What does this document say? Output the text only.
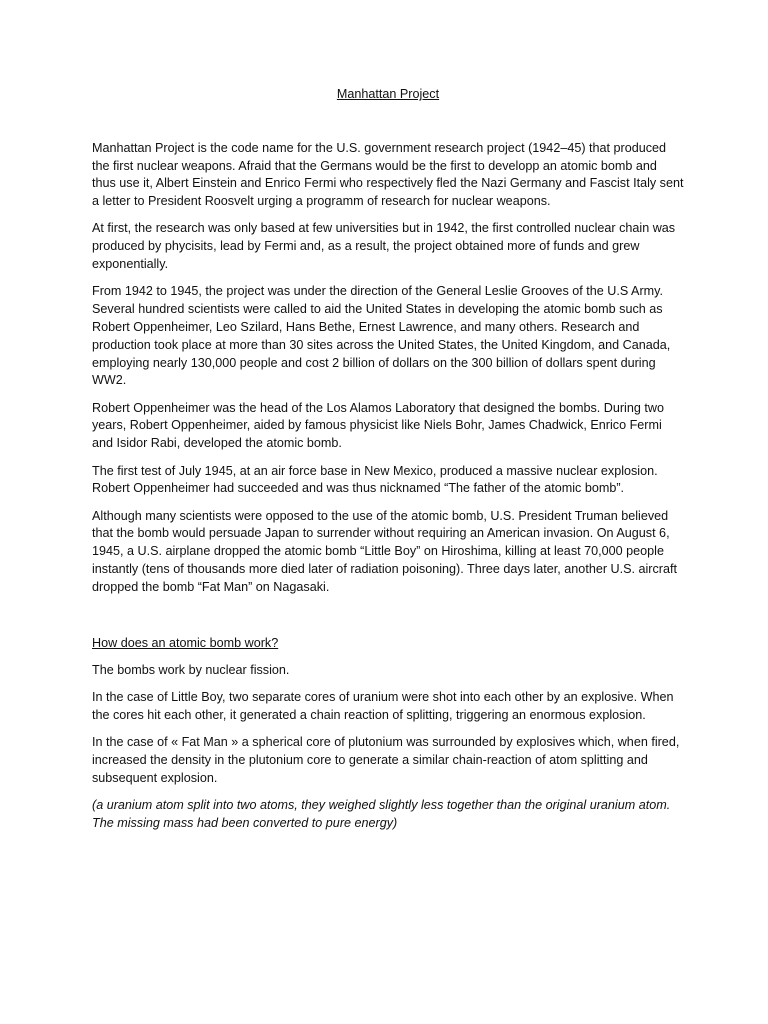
Manhattan Project

Manhattan Project is the code name for the U.S. government research project (1942–45) that produced the first nuclear weapons. Afraid that the Germans would be the first to developp an atomic bomb and thus use it, Albert Einstein and Enrico Fermi who respectively fled the Nazi Germany and Fascist Italy sent a letter to President Roosvelt urging a programm of research for nuclear weapons.

At first, the research was only based at few universities but in 1942, the first controlled nuclear chain was produced by phycisits, lead by Fermi and, as a result, the project obtained more of funds and grew exponentially.

From 1942 to 1945, the project was under the direction of the General Leslie Grooves of the U.S Army. Several hundred scientists were called to aid the United States in developing the atomic bomb such as Robert Oppenheimer, Leo Szilard, Hans Bethe, Ernest Lawrence, and many others. Research and production took place at more than 30 sites across the United States, the United Kingdom, and Canada, employing nearly 130,000 people and cost 2 billion of dollars on the 300 billion of dollars spent during WW2.

Robert Oppenheimer was the head of the Los Alamos Laboratory that designed the bombs. During two years, Robert Oppenheimer, aided by famous physicist like Niels Bohr, James Chadwick, Enrico Fermi and Isidor Rabi, developed the atomic bomb.

The first test of July 1945, at an air force base in New Mexico, produced a massive nuclear explosion. Robert Oppenheimer had succeeded and was thus nicknamed “The father of the atomic bomb”.

Although many scientists were opposed to the use of the atomic bomb, U.S. President Truman believed that the bomb would persuade Japan to surrender without requiring an American invasion. On August 6, 1945, a U.S. airplane dropped the atomic bomb “Little Boy” on Hiroshima, killing at least 70,000 people instantly (tens of thousands more died later of radiation poisoning). Three days later, another U.S. aircraft dropped the bomb “Fat Man” on Nagasaki.

How does an atomic bomb work?

The bombs work by nuclear fission.

In the case of Little Boy, two separate cores of uranium were shot into each other by an explosive. When the cores hit each other, it generated a chain reaction of splitting, triggering an enormous explosion.

In the case of « Fat Man » a spherical core of plutonium was surrounded by explosives which, when fired, increased the density in the plutonium core to generate a similar chain-reaction of atom splitting and subsequent explosion.

(a uranium atom split into two atoms, they weighed slightly less together than the original uranium atom. The missing mass had been converted to pure energy)
